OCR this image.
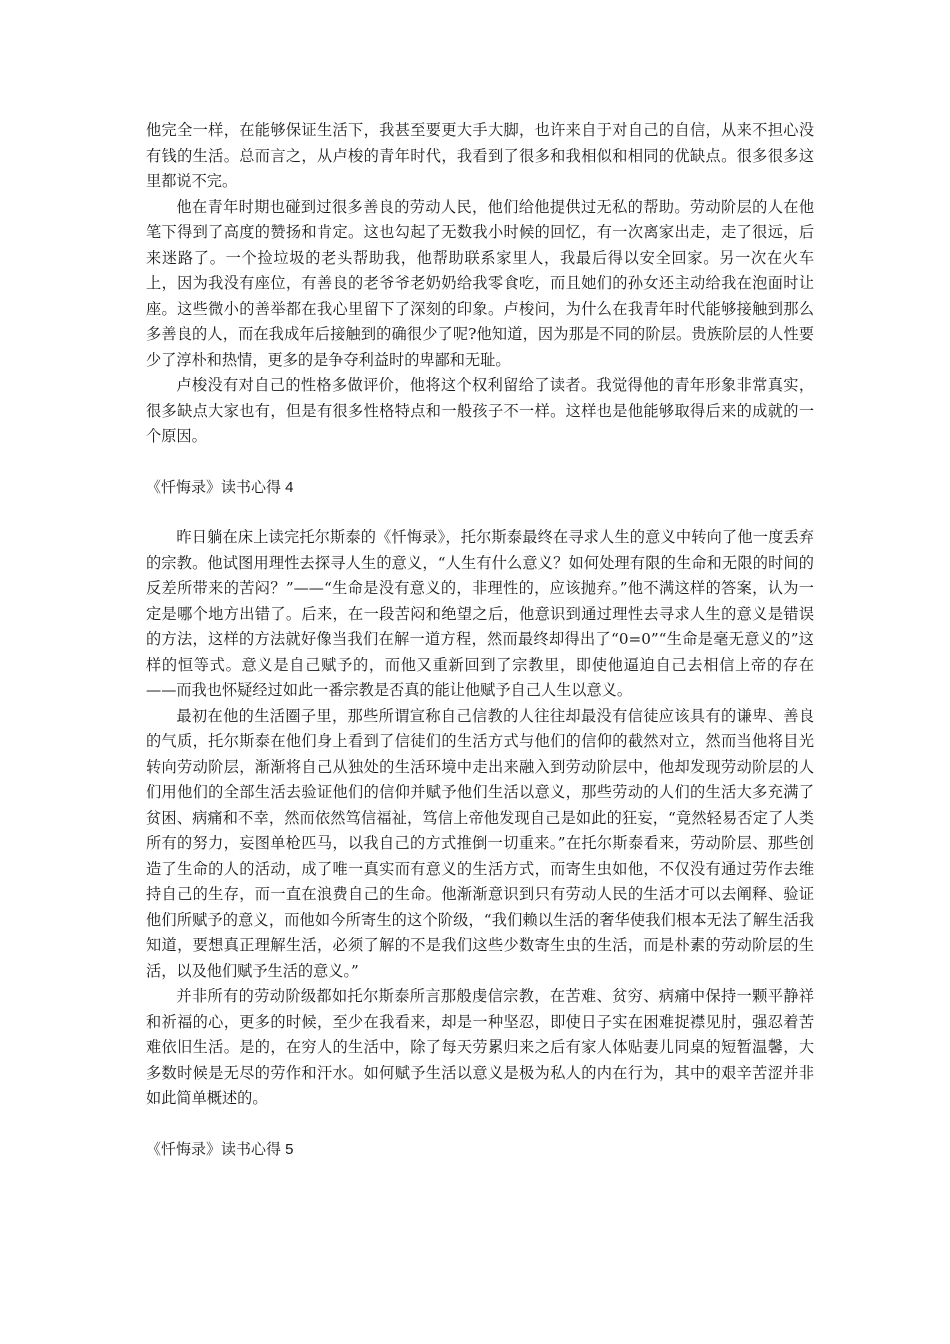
他完全一样，在能够保证生活下，我甚至要更大手大脚，也许来自于对自己的自信，从来不担心没有钱的生活。总而言之，从卢梭的青年时代，我看到了很多和我相似和相同的优缺点。很多很多这里都说不完。

他在青年时期也碰到过很多善良的劳动人民，他们给他提供过无私的帮助。劳动阶层的人在他笔下得到了高度的赞扬和肯定。这也勾起了无数我小时候的回忆，有一次离家出走，走了很远，后来迷路了。一个捡垃圾的老头帮助我，他帮助联系家里人，我最后得以安全回家。另一次在火车上，因为我没有座位，有善良的老爷爷老奶奶给我零食吃，而且她们的孙女还主动给我在泡面时让座。这些微小的善举都在我心里留下了深刻的印象。卢梭问，为什么在我青年时代能够接触到那么多善良的人，而在我成年后接触到的确很少了呢?他知道，因为那是不同的阶层。贵族阶层的人性要少了淳朴和热情，更多的是争夺利益时的卑鄙和无耻。

卢梭没有对自己的性格多做评价，他将这个权利留给了读者。我觉得他的青年形象非常真实，很多缺点大家也有，但是有很多性格特点和一般孩子不一样。这样也是他能够取得后来的成就的一个原因。

《忏悔录》读书心得 4

昨日躺在床上读完托尔斯泰的《忏悔录》，托尔斯泰最终在寻求人生的意义中转向了他一度丢弃的宗教。他试图用理性去探寻人生的意义，“人生有什么意义？如何处理有限的生命和无限的时间的反差所带来的苦闷？”——“生命是没有意义的，非理性的，应该抛弃。”他不满这样的答案，认为一定是哪个地方出错了。后来，在一段苦闷和绝望之后，他意识到通过理性去寻求人生的意义是错误的方法，这样的方法就好像当我们在解一道方程，然而最终却得出了“0=0”“生命是毫无意义的”这样的恒等式。意义是自己赋予的，而他又重新回到了宗教里，即使他逼迫自己去相信上帝的存在——而我也怀疑经过如此一番宗教是否真的能让他赋予自己人生以意义。

最初在他的生活圈子里，那些所谓宣称自己信教的人往往却最没有信徒应该具有的谦卑、善良的气质，托尔斯泰在他们身上看到了信徒们的生活方式与他们的信仰的截然对立，然而当他将目光转向劳动阶层，渐渐将自己从独处的生活环境中走出来融入到劳动阶层中，他却发现劳动阶层的人们用他们的全部生活去验证他们的信仰并赋予他们生活以意义，那些劳动的人们的生活大多充满了贫困、病痛和不幸，然而依然笃信福祉，笃信上帝他发现自己是如此的狂妄，“竟然轻易否定了人类所有的努力，妄图单枪匹马，以我自己的方式推倒一切重来。”在托尔斯泰看来，劳动阶层、那些创造了生命的人的活动，成了唯一真实而有意义的生活方式，而寄生虫如他，不仅没有通过劳作去维持自己的生存，而一直在浪费自己的生命。他渐渐意识到只有劳动人民的生活才可以去阐释、验证他们所赋予的意义，而他如今所寄生的这个阶级，“我们赖以生活的奢华使我们根本无法了解生活我知道，要想真正理解生活，必须了解的不是我们这些少数寄生虫的生活，而是朴素的劳动阶层的生活，以及他们赋予生活的意义。”

并非所有的劳动阶级都如托尔斯泰所言那般虔信宗教，在苦难、贫穷、病痛中保持一颗平静祥和祈福的心，更多的时候，至少在我看来，却是一种坚忍，即使日子实在困难捉襟见肘，强忍着苦难依旧生活。是的，在穷人的生活中，除了每天劳累归来之后有家人体贴妻儿同桌的短暂温馨，大多数时候是无尽的劳作和汗水。如何赋予生活以意义是极为私人的内在行为，其中的艰辛苦涩并非如此简单概述的。

《忏悔录》读书心得 5
